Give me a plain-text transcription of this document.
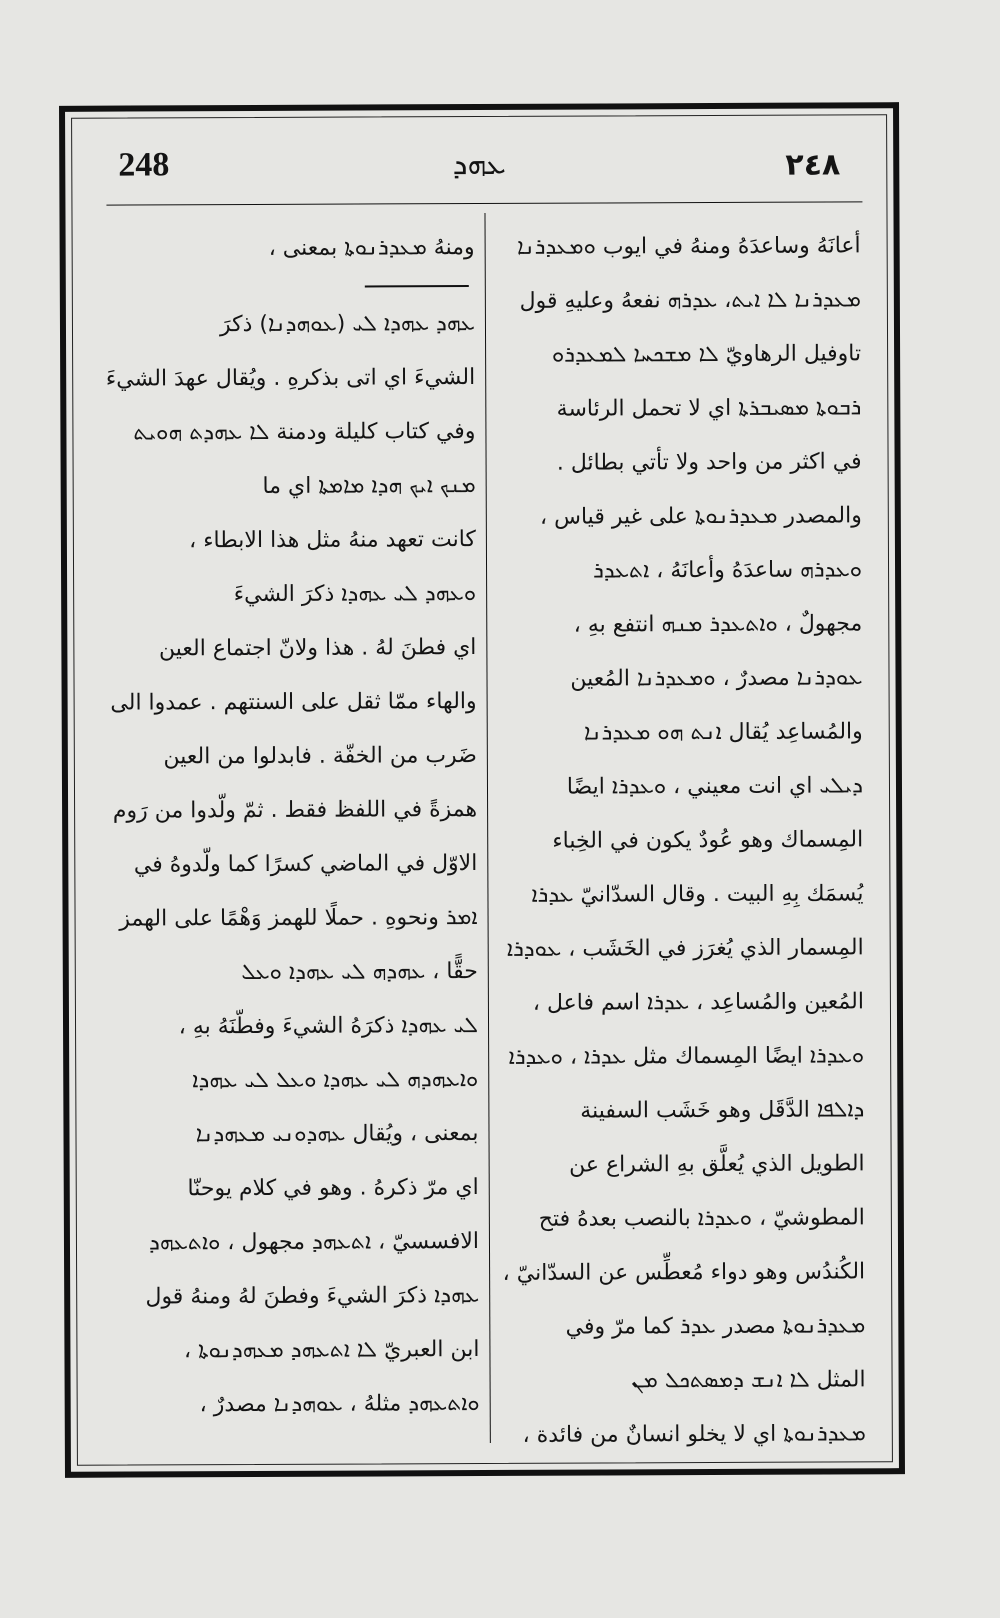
248	ܥܗܕ	٢٤٨
أعانَهُ وساعدَهُ ومنهُ في ايوب ܘܡܥܕܪܢܐ
ܡܥܕܪܢܐ ܠܐ ܐܝܬ، ܥܕܪܗ نفعهُ وعليهِ قول
تاوفيل الرهاويّ ܠܐ ܡܫܟܚܐ ܠܡܥܕܪܘ
ܪܒܘܬܐ ܡܣܝܒܪܬܐ اي لا تحمل الرئاسة
في اكثر من واحد ولا تأتي بطائل .
والمصدر ܡܥܕܪܢܘܬܐ على غير قياس ،
ܘܥܕܪܗ ساعدَهُ وأعانَهُ ، ܐܬܥܕܪ
مجهولٌ ، ܘܐܬܥܕܪ ܡܢܗ انتفع بهِ ،
ܥܘܕܪܢܐ مصدرٌ ، ܘܡܥܕܪܢܐ المُعين
والمُساعِد يُقال ܐܢܬ ܗܘ ܡܥܕܪܢܐ
ܕܝܠܝ اي انت معيني ، ܘܥܕܪܐ ايضًا
المِسماك وهو عُودٌ يكون في الخِباء
يُسمَك بِهِ البيت . وقال السدّانيّ ܥܕܪܐ
المِسمار الذي يُغرَز في الخَشَب ، ܥܘܕܪܐ
المُعين والمُساعِد ، ܥܕܪܐ اسم فاعل ،
ܘܥܕܪܐ ايضًا المِسماك مثل ܥܕܪܐ ، ܘܥܕܪܐ
ܕܐܠܦܐ الدَّقَل وهو خَشَب السفينة
الطويل الذي يُعلَّق بهِ الشراع عن
المطوشيّ ، ܘܥܕܪܐ بالنصب بعدهُ فتح
الكُندُس وهو دواء مُعطِّس عن السدّانيّ ،
ܡܥܕܪܢܘܬܐ مصدر ܥܕܪ كما مرّ وفي
المثل ܠܐ ܐܢܫ ܕܡܣܬܟܠ ܡܢ
ܡܥܕܪܢܘܬܐ اي لا يخلو انسانٌ من فائدة ،
ومنهُ ܡܥܕܪܢܘܬܐ بمعنى ،
ܥܗܕ ܥܗܕܐ ܠܝ (ܥܘܗܕܢܐ) ذكرَ
الشيءَ اي اتى بذكرهِ . ويُقال عهدَ الشيءَ
وفي كتاب كليلة ودمنة ܠܐ ܥܗܕܬ ܗܘܝܬ
ܡܢܟ ܐܝܟ ܗܕܐ ܡܐܡܬܐ اي ما
كانت تعهد منهُ مثل هذا الابطاء ،
ܘܥܗܕ ܠܝ ܥܗܕܐ ذكرَ الشيءَ
اي فطنَ لهُ . هذا ولانّ اجتماع العين
والهاء ممّا ثقل على السنتهم . عمدوا الى
ضَرب من الخفّة . فابدلوا من العين
همزةً في اللفظ فقط . ثمّ ولّدوا من رَوم
الاوّل في الماضي كسرًا كما ولّدوهُ في
ܐܡܪ ونحوهِ . حملًا للهمز وَهْمًا على الهمز
حقًّا ، ܥܗܕܗ ܠܝ ܥܗܕܐ ܘܥܠ
ܠܝ ܥܗܕܐ ذكرَهُ الشيءَ وفطّنَهُ بهِ ،
ܘܐܥܗܕܗ ܠܝ ܥܗܕܐ ܘܥܠ ܠܝ ܥܗܕܐ
بمعنى ، ويُقال ܥܗܕܘܢܝ ܡܥܗܕܢܐ
اي مرّ ذكرهُ . وهو في كلام يوحنّا
الافسسيّ ، ܐܬܥܗܕ مجهول ، ܘܐܬܥܗܕ
ܥܗܕܐ ذكرَ الشيءَ وفطنَ لهُ ومنهُ قول
ابن العبريّ ܠܐ ܐܬܥܗܕ ܡܥܗܕܢܘܬܐ ،
ܘܐܬܥܗܕ مثلهُ ، ܥܘܗܕܢܐ مصدرٌ ،
